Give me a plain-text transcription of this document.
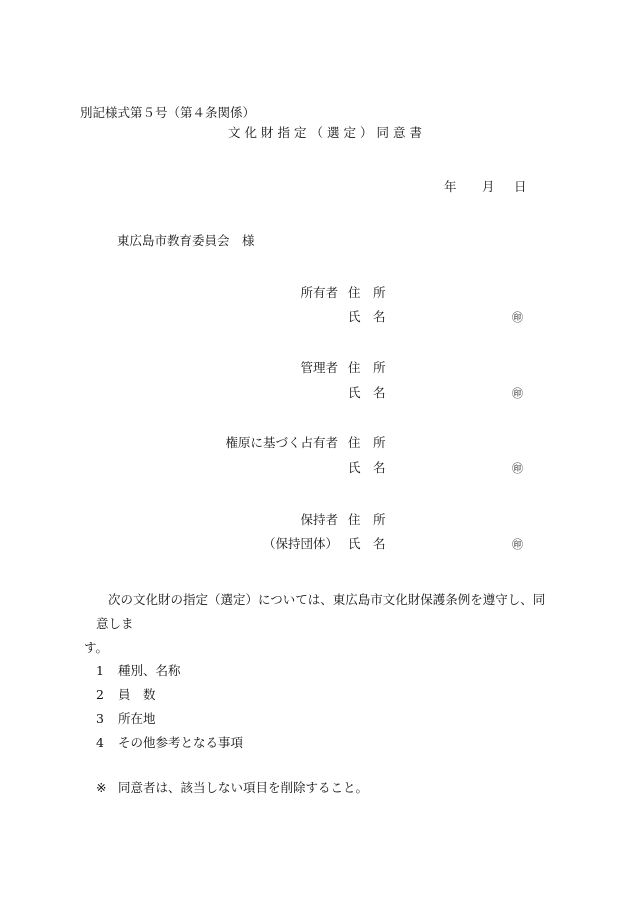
別記様式第５号（第４条関係）
文化財指定（選定）同意書
年 月 日
東広島市教育委員会　様
所有者 住　所
氏　名	㊞
管理者 住　所
氏　名	㊞
権原に基づく占有者 住　所
氏　名	㊞
保持者 住　所
（保持団体） 氏　名	㊞
次の文化財の指定（選定）については、東広島市文化財保護条例を遵守し、同意しま
す。
1 種別、名称
2 員　数
3 所在地
4 その他参考となる事項
※ 同意者は、該当しない項目を削除すること。
